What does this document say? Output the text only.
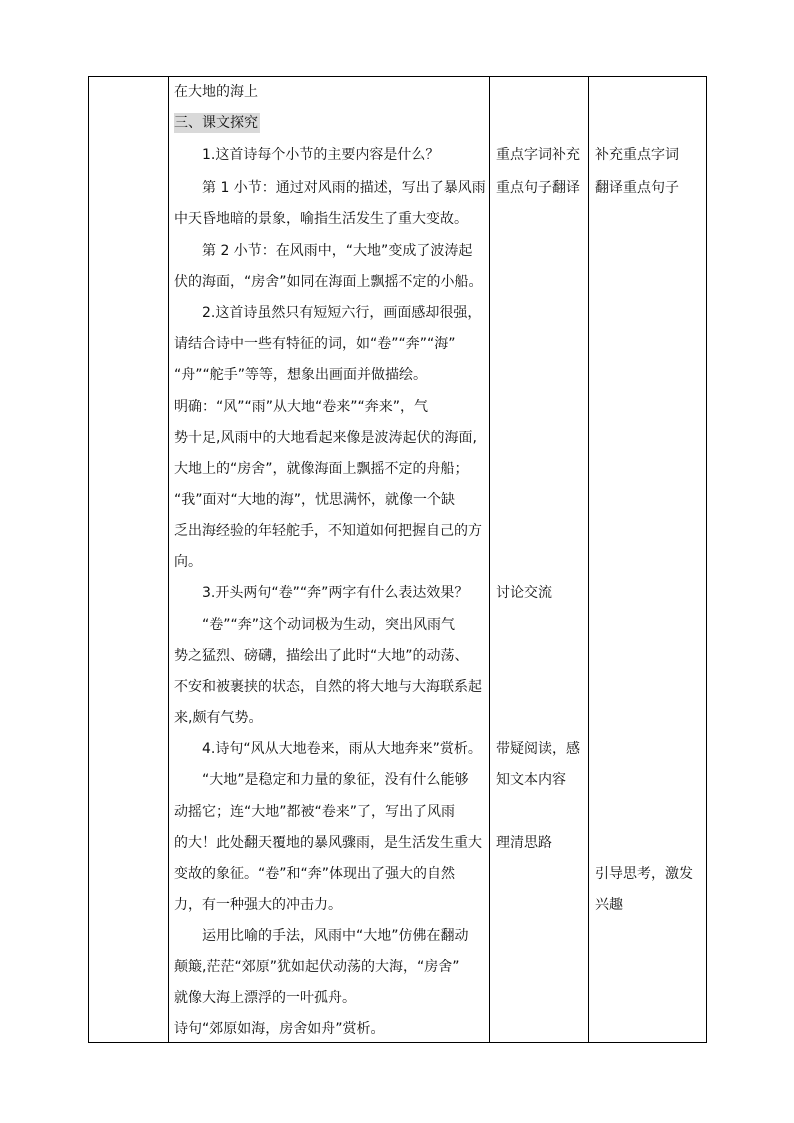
在大地的海上
三、课文探究
1.这首诗每个小节的主要内容是什么？
第 1 小节：通过对风雨的描述，写出了暴风雨
中天昏地暗的景象，喻指生活发生了重大变故。
第 2 小节：在风雨中，“大地”变成了波涛起
伏的海面，“房舍”如同在海面上飘摇不定的小船。
2.这首诗虽然只有短短六行，画面感却很强，
请结合诗中一些有特征的词，如“卷”“奔”“海”
“舟”“舵手”等等，想象出画面并做描绘。
明确：“风”“雨”从大地“卷来”“奔来”，气
势十足,风雨中的大地看起来像是波涛起伏的海面,
大地上的“房舍”，就像海面上飘摇不定的舟船；
“我”面对“大地的海”，忧思满怀，就像一个缺
乏出海经验的年轻舵手，不知道如何把握自己的方
向。
3.开头两句“卷”“奔”两字有什么表达效果？
“卷”“奔”这个动词极为生动，突出风雨气
势之猛烈、磅礴，描绘出了此时“大地”的动荡、
不安和被裹挟的状态，自然的将大地与大海联系起
来,颇有气势。
4.诗句“风从大地卷来，雨从大地奔来”赏析。
“大地”是稳定和力量的象征，没有什么能够
动摇它；连“大地”都被“卷来”了，写出了风雨
的大！此处翻天覆地的暴风骤雨，是生活发生重大
变故的象征。“卷”和“奔”体现出了强大的自然
力，有一种强大的冲击力。
运用比喻的手法，风雨中“大地”仿佛在翻动
颠簸,茫茫“郊原”犹如起伏动荡的大海，“房舍”
就像大海上漂浮的一叶孤舟。
诗句“郊原如海，房舍如舟”赏析。
重点字词补充
重点句子翻译
讨论交流
带疑阅读，感
知文本内容
理清思路
补充重点字词
翻译重点句子
引导思考，激发
兴趣
